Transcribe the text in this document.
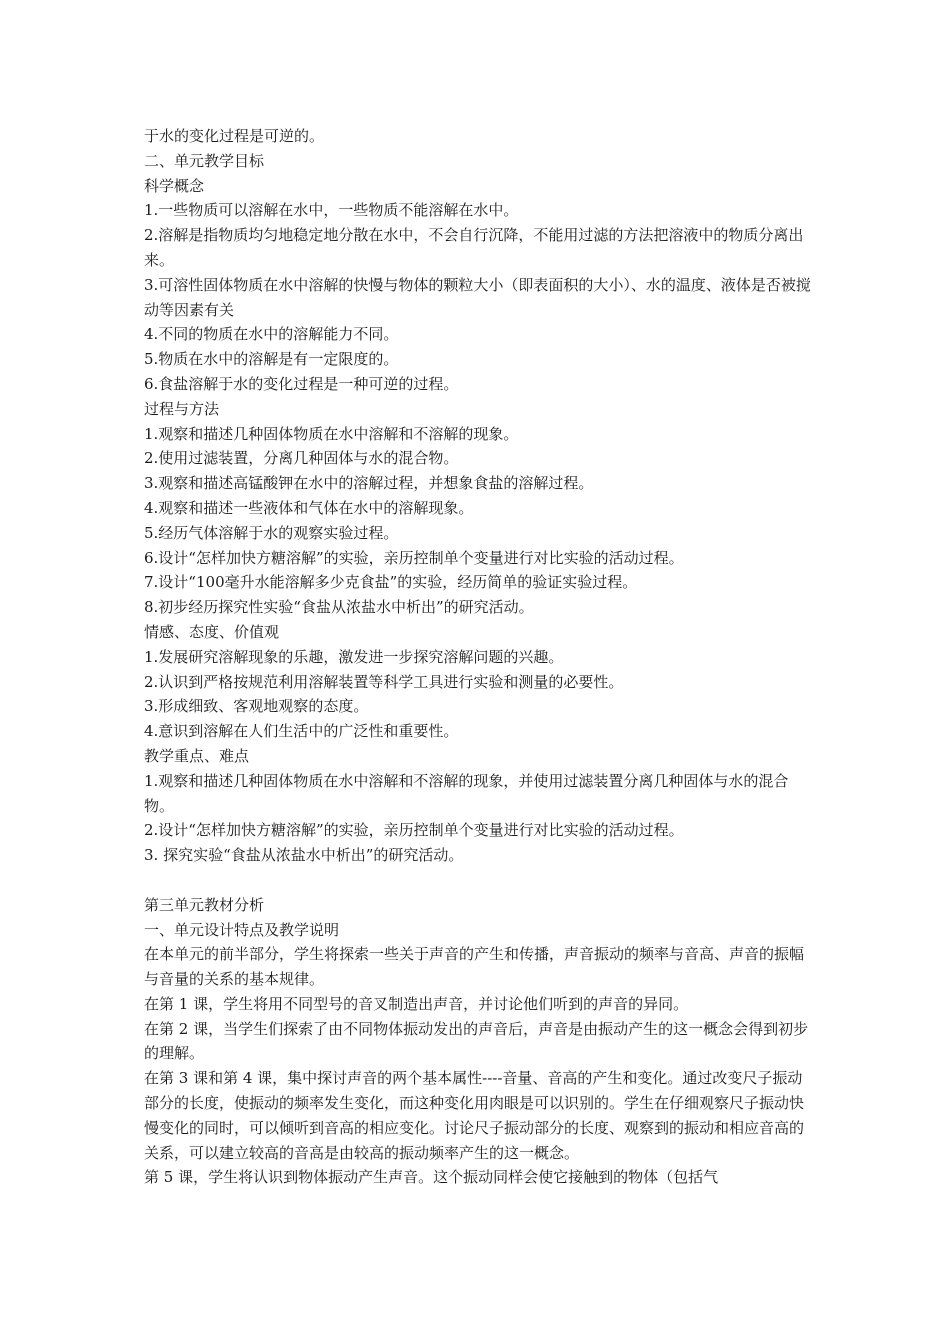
于水的变化过程是可逆的。

二、单元教学目标

科学概念

1.一些物质可以溶解在水中，一些物质不能溶解在水中。

2.溶解是指物质均匀地稳定地分散在水中，不会自行沉降，不能用过滤的方法把溶液中的物质分离出来。

3.可溶性固体物质在水中溶解的快慢与物体的颗粒大小（即表面积的大小）、水的温度、液体是否被搅动等因素有关

4.不同的物质在水中的溶解能力不同。

5.物质在水中的溶解是有一定限度的。

6.食盐溶解于水的变化过程是一种可逆的过程。

过程与方法

1.观察和描述几种固体物质在水中溶解和不溶解的现象。

2.使用过滤装置，分离几种固体与水的混合物。

3.观察和描述高锰酸钾在水中的溶解过程，并想象食盐的溶解过程。

4.观察和描述一些液体和气体在水中的溶解现象。

5.经历气体溶解于水的观察实验过程。

6.设计“怎样加快方糖溶解”的实验，亲历控制单个变量进行对比实验的活动过程。

7.设计“100毫升水能溶解多少克食盐”的实验，经历简单的验证实验过程。

8.初步经历探究性实验“食盐从浓盐水中析出”的研究活动。

情感、态度、价值观

1.发展研究溶解现象的乐趣，激发进一步探究溶解问题的兴趣。

2.认识到严格按规范利用溶解装置等科学工具进行实验和测量的必要性。

3.形成细致、客观地观察的态度。

4.意识到溶解在人们生活中的广泛性和重要性。

教学重点、难点

1.观察和描述几种固体物质在水中溶解和不溶解的现象，并使用过滤装置分离几种固体与水的混合物。

2.设计“怎样加快方糖溶解”的实验，亲历控制单个变量进行对比实验的活动过程。

3. 探究实验“食盐从浓盐水中析出”的研究活动。

第三单元教材分析

一、单元设计特点及教学说明

在本单元的前半部分，学生将探索一些关于声音的产生和传播，声音振动的频率与音高、声音的振幅与音量的关系的基本规律。

在第 1 课，学生将用不同型号的音叉制造出声音，并讨论他们听到的声音的异同。

在第 2 课，当学生们探索了由不同物体振动发出的声音后，声音是由振动产生的这一概念会得到初步的理解。

在第 3 课和第 4 课，集中探讨声音的两个基本属性----音量、音高的产生和变化。通过改变尺子振动部分的长度，使振动的频率发生变化，而这种变化用肉眼是可以识别的。学生在仔细观察尺子振动快慢变化的同时，可以倾听到音高的相应变化。讨论尺子振动部分的长度、观察到的振动和相应音高的关系，可以建立较高的音高是由较高的振动频率产生的这一概念。

第 5 课，学生将认识到物体振动产生声音。这个振动同样会使它接触到的物体（包括气
